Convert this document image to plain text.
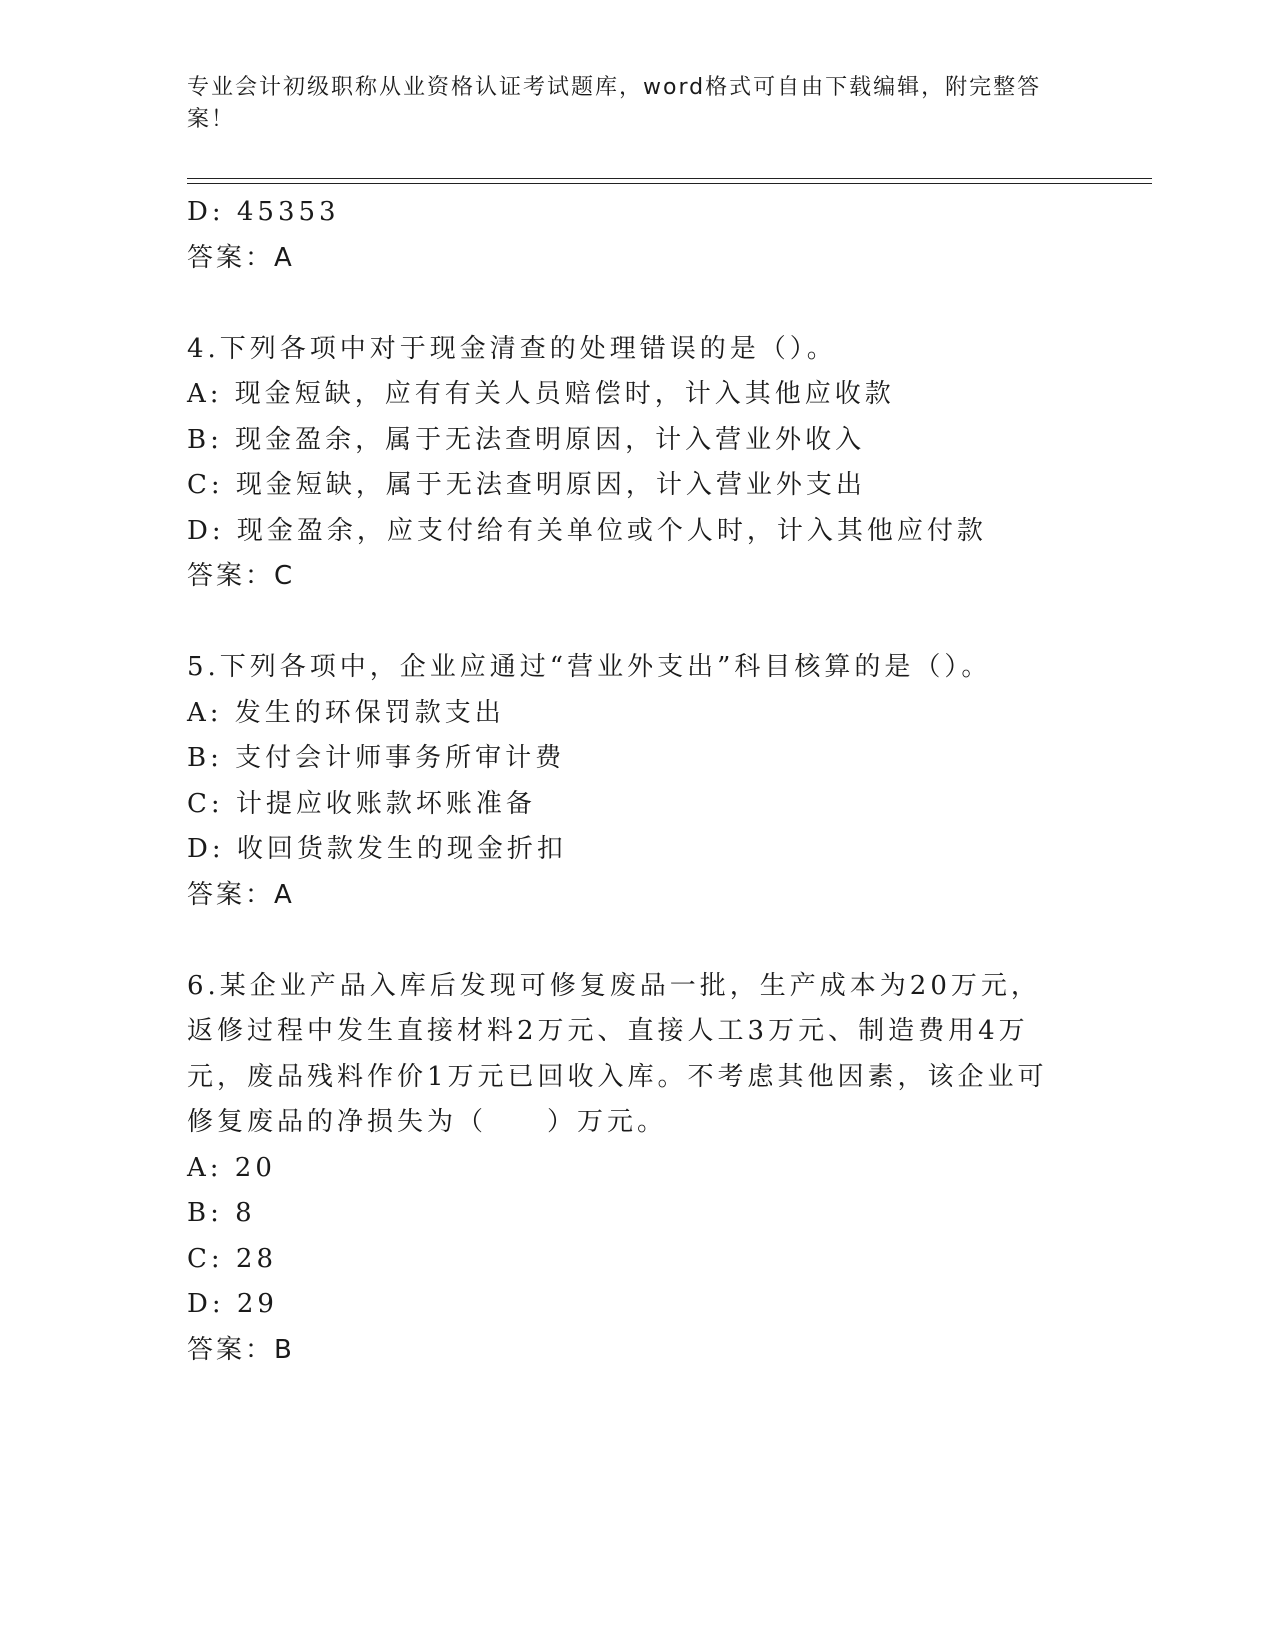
专业会计初级职称从业资格认证考试题库，word格式可自由下载编辑，附完整答案！
D: 45353
答案：A
4.下列各项中对于现金清查的处理错误的是（）。
A: 现金短缺，应有有关人员赔偿时，计入其他应收款
B: 现金盈余，属于无法查明原因，计入营业外收入
C: 现金短缺，属于无法查明原因，计入营业外支出
D: 现金盈余，应支付给有关单位或个人时，计入其他应付款
答案：C
5.下列各项中，企业应通过“营业外支出”科目核算的是（）。
A: 发生的环保罚款支出
B: 支付会计师事务所审计费
C: 计提应收账款坏账准备
D: 收回货款发生的现金折扣
答案：A
6.某企业产品入库后发现可修复废品一批，生产成本为20万元，返修过程中发生直接材料2万元、直接人工3万元、制造费用4万元，废品残料作价1万元已回收入库。不考虑其他因素，该企业可修复废品的净损失为（　　）万元。
A: 20
B: 8
C: 28
D: 29
答案：B
